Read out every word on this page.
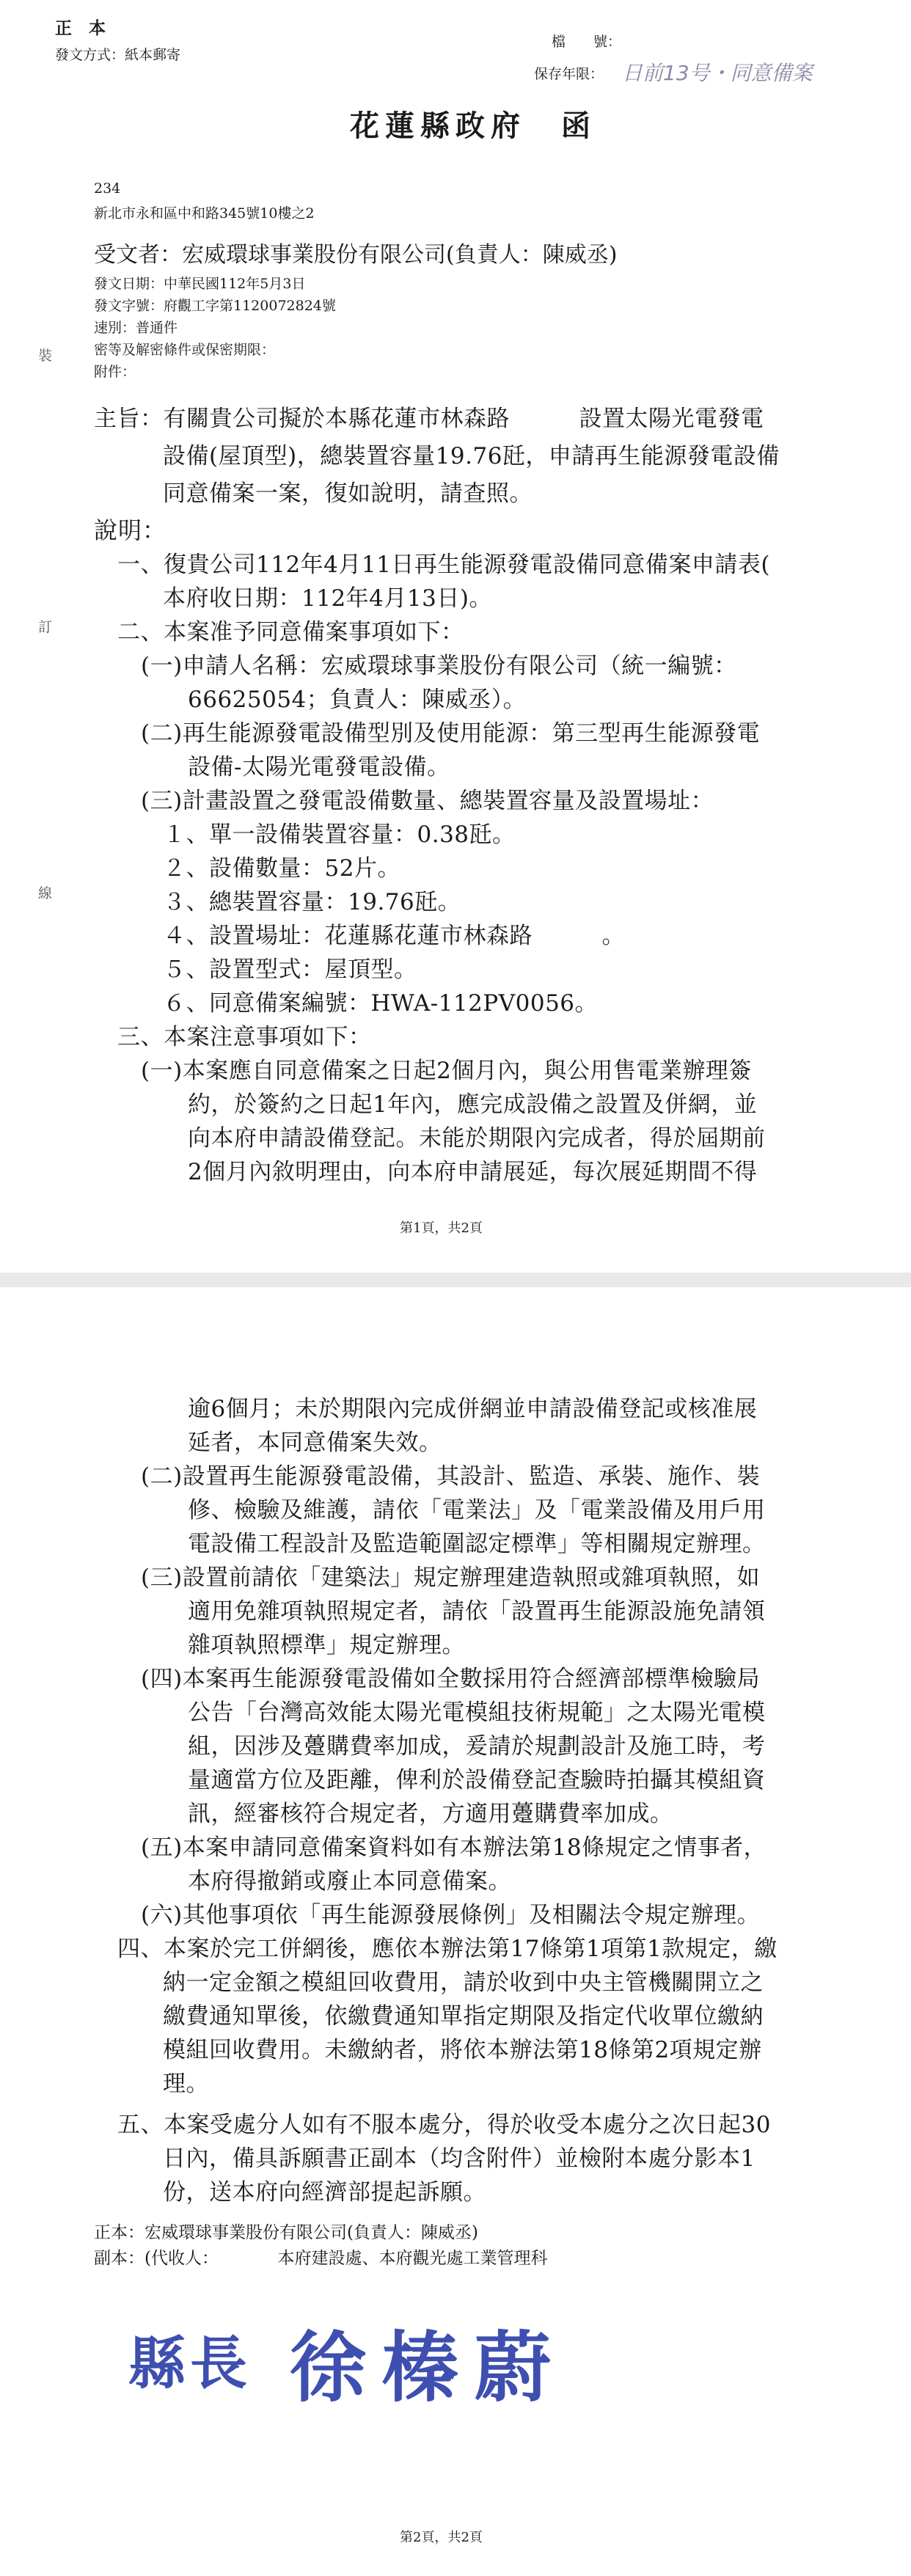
正　本
發文方式：紙本郵寄
檔　　號：
保存年限： 日前13号・同意備案
花蓮縣政府　函
234
新北市永和區中和路345號10樓之2
受文者：宏威環球事業股份有限公司(負責人：陳威丞)
發文日期：中華民國112年5月3日
發文字號：府觀工字第1120072824號
速別：普通件
密等及解密條件或保密期限：
附件：
裝
訂
線
主旨：有關貴公司擬於本縣花蓮市林森路　　　設置太陽光電發電
設備(屋頂型)，總裝置容量19.76瓩，申請再生能源發電設備
同意備案一案，復如說明，請查照。
說明：
一、復貴公司112年4月11日再生能源發電設備同意備案申請表(
本府收日期：112年4月13日)。
二、本案准予同意備案事項如下：
(一)申請人名稱：宏威環球事業股份有限公司（統一編號：
66625054；負責人：陳威丞）。
(二)再生能源發電設備型別及使用能源：第三型再生能源發電
設備-太陽光電發電設備。
(三)計畫設置之發電設備數量、總裝置容量及設置場址：
１、單一設備裝置容量：0.38瓩。
２、設備數量：52片。
３、總裝置容量：19.76瓩。
４、設置場址：花蓮縣花蓮市林森路　　　。
５、設置型式：屋頂型。
６、同意備案編號：HWA-112PV0056。
三、本案注意事項如下：
(一)本案應自同意備案之日起2個月內，與公用售電業辦理簽
約，於簽約之日起1年內，應完成設備之設置及併網，並
向本府申請設備登記。未能於期限內完成者，得於屆期前
2個月內敘明理由，向本府申請展延，每次展延期間不得
第1頁，共2頁
逾6個月；未於期限內完成併網並申請設備登記或核准展
延者，本同意備案失效。
(二)設置再生能源發電設備，其設計、監造、承裝、施作、裝
修、檢驗及維護，請依「電業法」及「電業設備及用戶用
電設備工程設計及監造範圍認定標準」等相關規定辦理。
(三)設置前請依「建築法」規定辦理建造執照或雜項執照，如
適用免雜項執照規定者，請依「設置再生能源設施免請領
雜項執照標準」規定辦理。
(四)本案再生能源發電設備如全數採用符合經濟部標準檢驗局
公告「台灣高效能太陽光電模組技術規範」之太陽光電模
組，因涉及躉購費率加成，爰請於規劃設計及施工時，考
量適當方位及距離，俾利於設備登記查驗時拍攝其模組資
訊，經審核符合規定者，方適用躉購費率加成。
(五)本案申請同意備案資料如有本辦法第18條規定之情事者，
本府得撤銷或廢止本同意備案。
(六)其他事項依「再生能源發展條例」及相關法令規定辦理。
四、本案於完工併網後，應依本辦法第17條第1項第1款規定，繳
納一定金額之模組回收費用，請於收到中央主管機關開立之
繳費通知單後，依繳費通知單指定期限及指定代收單位繳納
模組回收費用。未繳納者，將依本辦法第18條第2項規定辦
理。
五、本案受處分人如有不服本處分，得於收受本處分之次日起30
日內，備具訴願書正副本（均含附件）並檢附本處分影本1
份，送本府向經濟部提起訴願。
正本：宏威環球事業股份有限公司(負責人：陳威丞)
副本：(代收人：　　　　本府建設處、本府觀光處工業管理科
縣長 徐榛蔚
第2頁，共2頁
